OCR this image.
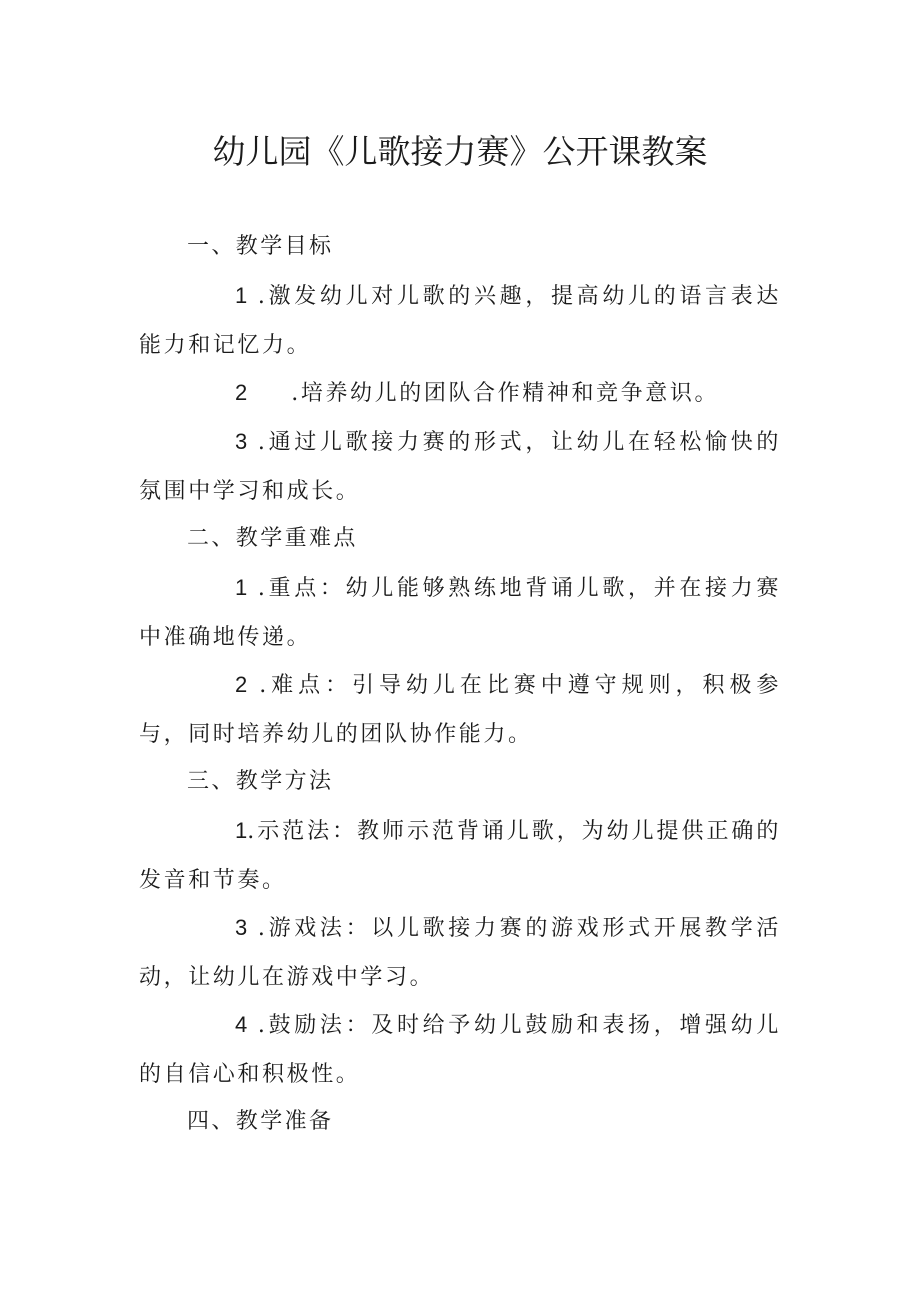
幼儿园《儿歌接力赛》公开课教案

一、教学目标

1 .激发幼儿对儿歌的兴趣，提高幼儿的语言表达能力和记忆力。

2 .培养幼儿的团队合作精神和竞争意识。

3 .通过儿歌接力赛的形式，让幼儿在轻松愉快的氛围中学习和成长。

二、教学重难点

1 .重点：幼儿能够熟练地背诵儿歌，并在接力赛中准确地传递。

2 .难点：引导幼儿在比赛中遵守规则，积极参与，同时培养幼儿的团队协作能力。

三、教学方法

1.示范法：教师示范背诵儿歌，为幼儿提供正确的发音和节奏。

3 .游戏法：以儿歌接力赛的游戏形式开展教学活动，让幼儿在游戏中学习。

4 .鼓励法：及时给予幼儿鼓励和表扬，增强幼儿的自信心和积极性。

四、教学准备
